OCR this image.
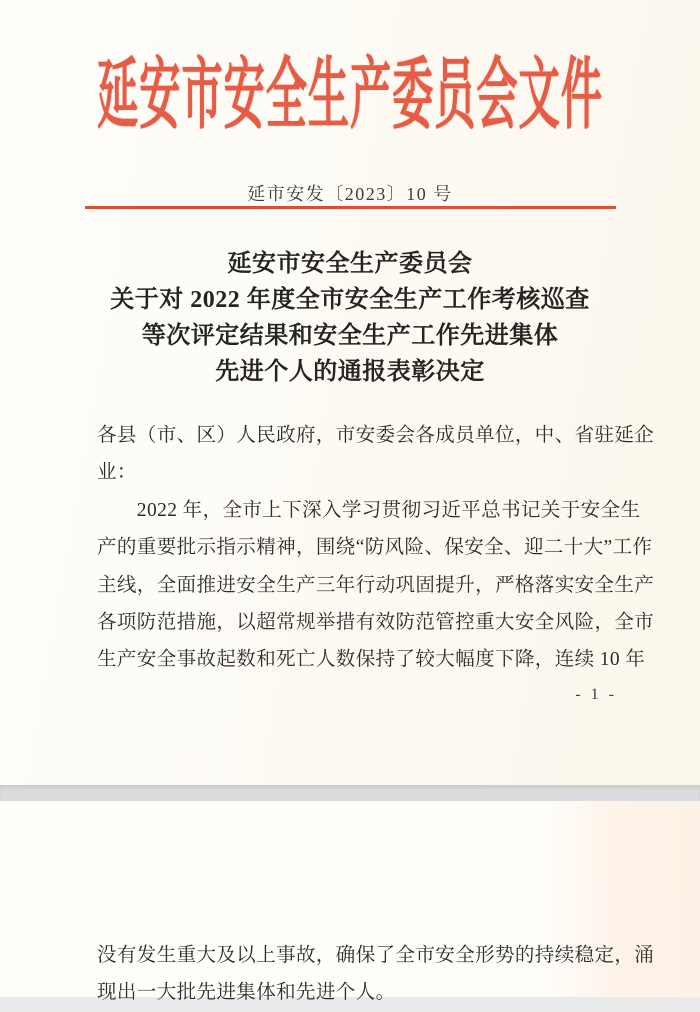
延安市安全生产委员会文件
延市安发〔2023〕10 号
延安市安全生产委员会
关于对 2022 年度全市安全生产工作考核巡查
等次评定结果和安全生产工作先进集体
先进个人的通报表彰决定
各县（市、区）人民政府，市安委会各成员单位，中、省驻延企
业：
　　2022 年，全市上下深入学习贯彻习近平总书记关于安全生
产的重要批示指示精神，围绕“防风险、保安全、迎二十大”工作
主线，全面推进安全生产三年行动巩固提升，严格落实安全生产
各项防范措施，以超常规举措有效防范管控重大安全风险，全市
生产安全事故起数和死亡人数保持了较大幅度下降，连续 10 年
- 1 -
没有发生重大及以上事故，确保了全市安全形势的持续稳定，涌
现出一大批先进集体和先进个人。
